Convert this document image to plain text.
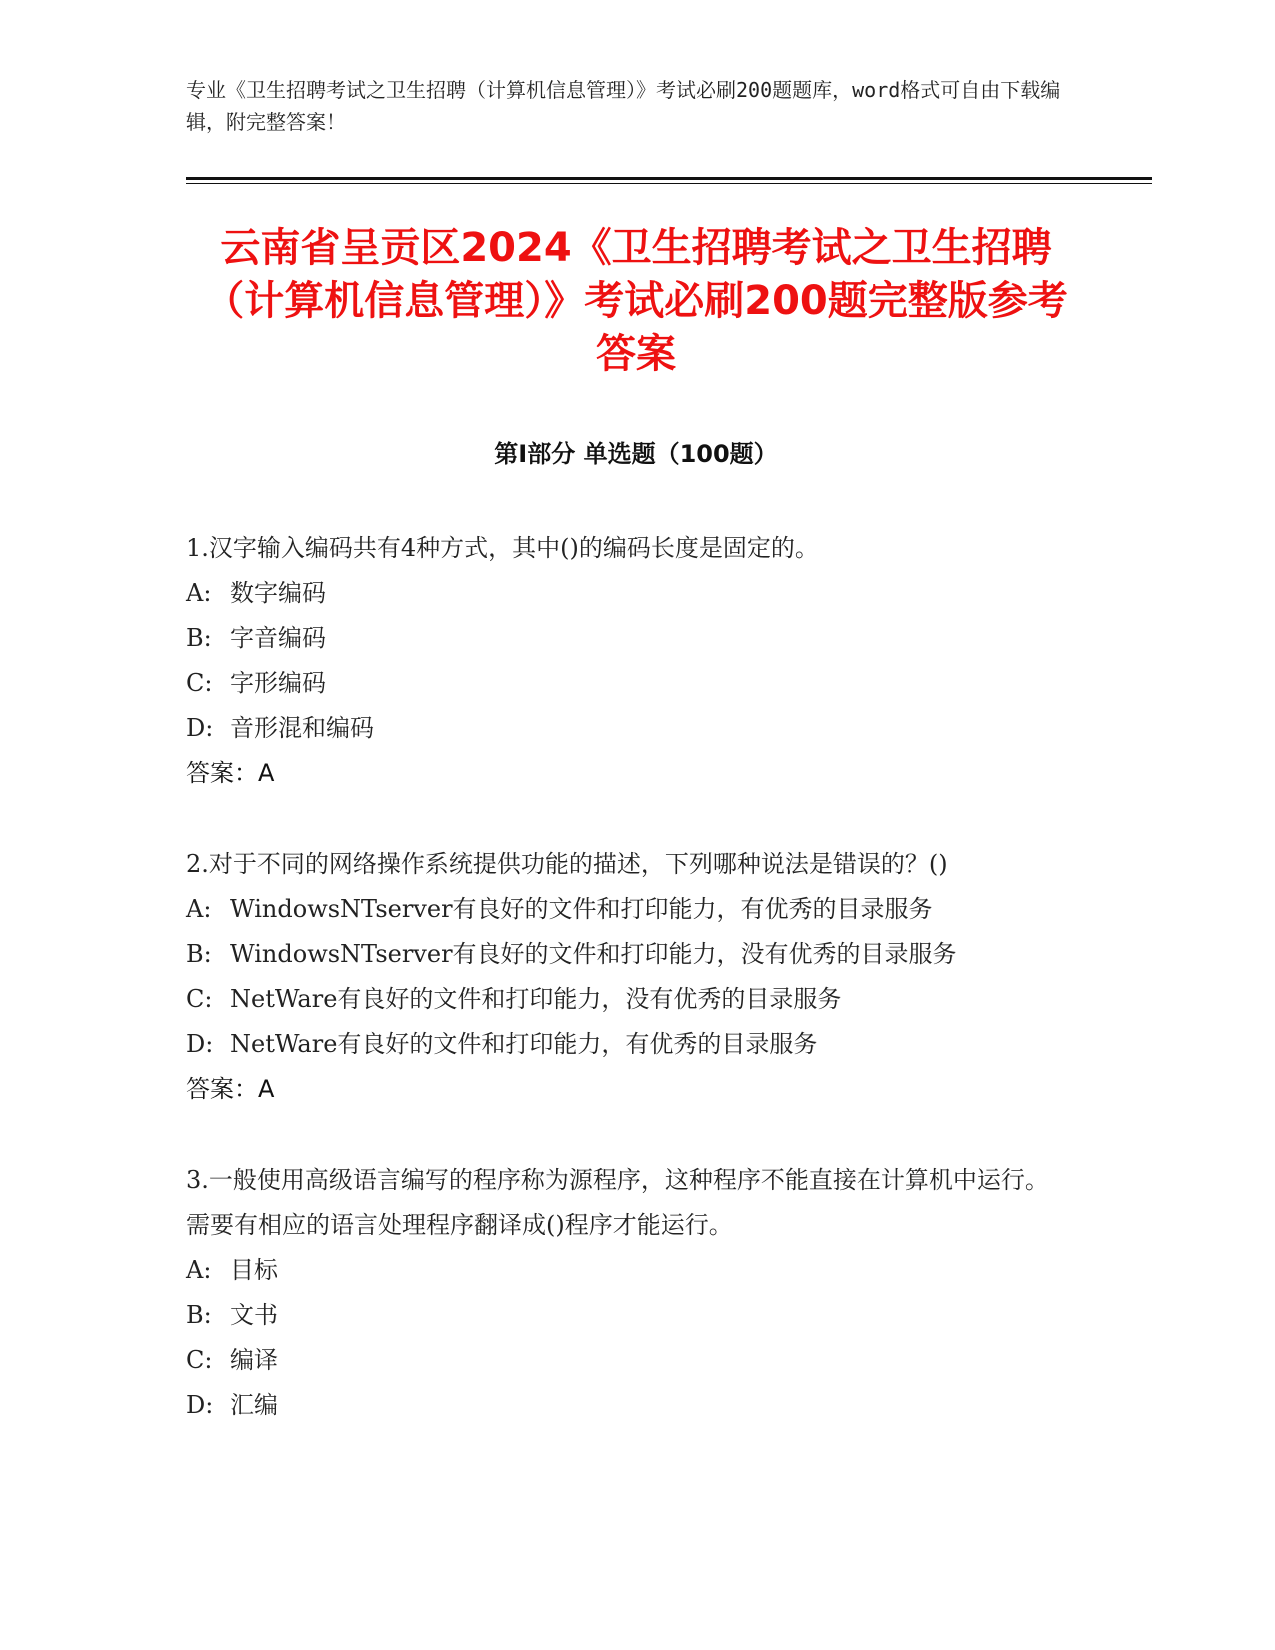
专业《卫生招聘考试之卫生招聘（计算机信息管理）》考试必刷200题题库，word格式可自由下载编辑，附完整答案！
云南省呈贡区2024《卫生招聘考试之卫生招聘（计算机信息管理）》考试必刷200题完整版参考答案
第Ⅰ部分 单选题（100题）
1.汉字输入编码共有4种方式，其中()的编码长度是固定的。
A: 数字编码
B: 字音编码
C: 字形编码
D: 音形混和编码
答案：A
2.对于不同的网络操作系统提供功能的描述，下列哪种说法是错误的？()
A: WindowsNTserver有良好的文件和打印能力，有优秀的目录服务
B: WindowsNTserver有良好的文件和打印能力，没有优秀的目录服务
C: NetWare有良好的文件和打印能力，没有优秀的目录服务
D: NetWare有良好的文件和打印能力，有优秀的目录服务
答案：A
3.一般使用高级语言编写的程序称为源程序，这种程序不能直接在计算机中运行。需要有相应的语言处理程序翻译成()程序才能运行。
A: 目标
B: 文书
C: 编译
D: 汇编
